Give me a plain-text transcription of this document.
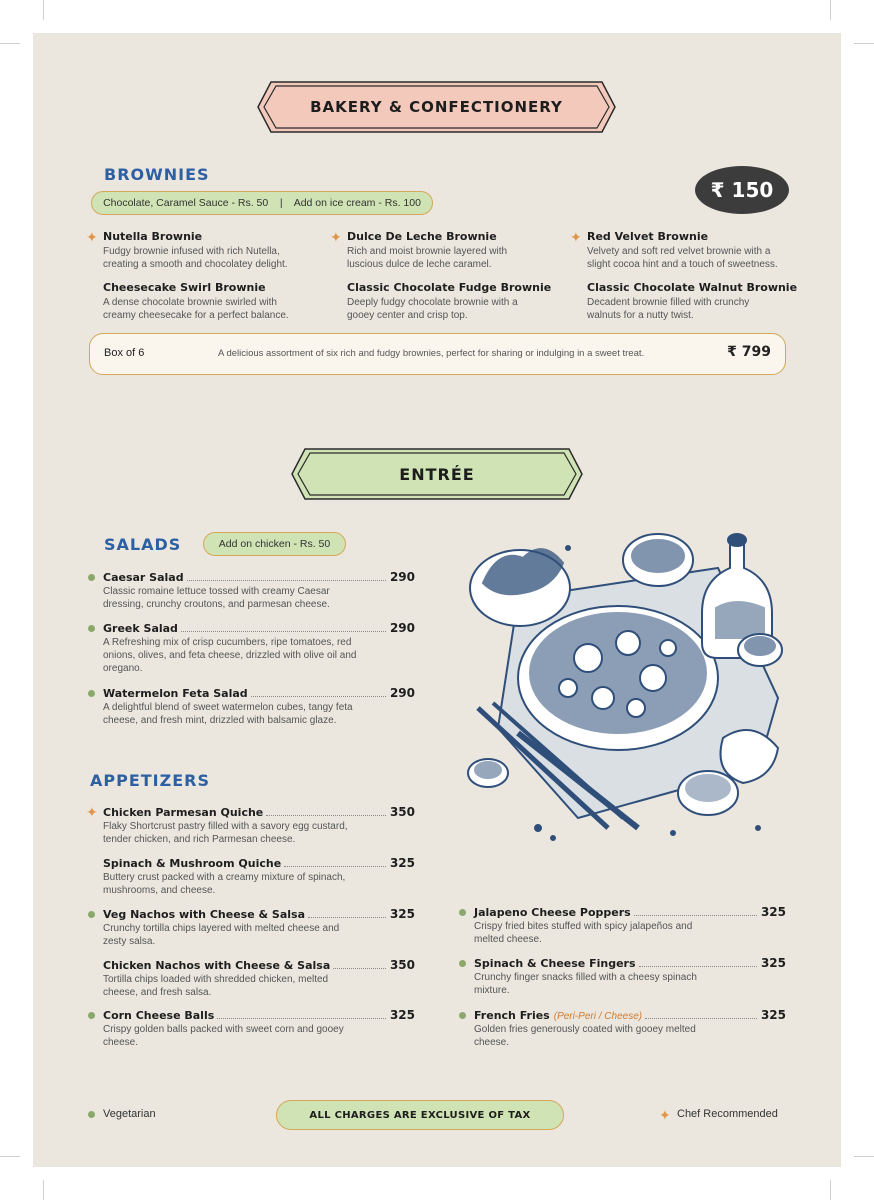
BAKERY & CONFECTIONERY
BROWNIES
Chocolate, Caramel Sauce - Rs. 50    |    Add on ice cream - Rs. 100
₹ 150
✦ Nutella Brownie
Fudgy brownie infused with rich Nutella, creating a smooth and chocolatey delight.
✦ Dulce De Leche Brownie
Rich and moist brownie layered with luscious dulce de leche caramel.
✦ Red Velvet Brownie
Velvety and soft red velvet brownie with a slight cocoa hint and a touch of sweetness.
Cheesecake Swirl Brownie
A dense chocolate brownie swirled with creamy cheesecake for a perfect balance.
Classic Chocolate Fudge Brownie
Deeply fudgy chocolate brownie with a gooey center and crisp top.
Classic Chocolate Walnut Brownie
Decadent brownie filled with crunchy walnuts for a nutty twist.
Box of 6	A delicious assortment of six rich and fudgy brownies, perfect for sharing or indulging in a sweet treat.	₹ 799
ENTRÉE
SALADS	Add on chicken - Rs. 50
Caesar Salad	290
Classic romaine lettuce tossed with creamy Caesar dressing, crunchy croutons, and parmesan cheese.
Greek Salad	290
A Refreshing mix of crisp cucumbers, ripe tomatoes, red onions, olives, and feta cheese, drizzled with olive oil and oregano.
Watermelon Feta Salad	290
A delightful blend of sweet watermelon cubes, tangy feta cheese, and fresh mint, drizzled with balsamic glaze.
APPETIZERS
✦ Chicken Parmesan Quiche	350
Flaky Shortcrust pastry filled with a savory egg custard, tender chicken, and rich Parmesan cheese.
Spinach & Mushroom Quiche	325
Buttery crust packed with a creamy mixture of spinach, mushrooms, and cheese.
Veg Nachos with Cheese & Salsa	325
Crunchy tortilla chips layered with melted cheese and zesty salsa.
Chicken Nachos with Cheese & Salsa	350
Tortilla chips loaded with shredded chicken, melted cheese, and fresh salsa.
Corn Cheese Balls	325
Crispy golden balls packed with sweet corn and gooey cheese.
Jalapeno Cheese Poppers	325
Crispy fried bites stuffed with spicy jalapeños and melted cheese.
Spinach & Cheese Fingers	325
Crunchy finger snacks filled with a cheesy spinach mixture.
French Fries (Peri-Peri / Cheese)	325
Golden fries generously coated with gooey melted cheese.
Vegetarian	ALL CHARGES ARE EXCLUSIVE OF TAX	✦ Chef Recommended
